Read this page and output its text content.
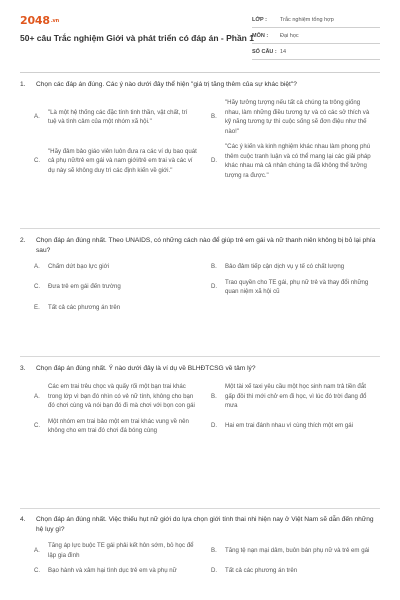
2048.vn
50+ câu Trắc nghiệm Giới và phát triển có đáp án - Phần 1
LỚP :	Trắc nghiệm tổng hợp
MÔN :	Đại học
SỐ CÂU : 14
1.	Chọn các đáp án đúng. Các ý nào dưới đây thể hiện "giá trị tăng thêm của sự khác biệt"?
A.
"Là một hệ thống các đặc tính tinh thần, vật chất, trí tuệ và tình cảm của một nhóm xã hội."
B.
"Hãy tưởng tượng nếu tất cả chúng ta trông giống nhau, làm những điều tương tự và có các sở thích và kỹ năng tương tự thì cuộc sống sẽ đơn điệu như thế nào!"
C.
"Hãy đảm bảo giáo viên luôn đưa ra các ví dụ bao quát cả phụ nữ/trẻ em gái và nam giới/trẻ em trai và các ví dụ này sẽ không duy trì các định kiến về giới."
D.
"Các ý kiến và kinh nghiệm khác nhau làm phong phú thêm cuộc tranh luận và có thể mang lại các giải pháp khác nhau mà cả nhân chúng ta đã không thể tưởng tượng ra được."
2.	Chọn đáp án đúng nhất. Theo UNAIDS, có những cách nào để giúp trẻ em gái và nữ thanh niên không bị bỏ lại phía sau?
A.	Chấm dứt bạo lực giới	B.	Bảo đảm tiếp cận dịch vụ y tế có chất lượng
C.	Đưa trẻ em gái đến trường	D.
Trao quyền cho TE gái, phụ nữ trẻ và thay đổi những quan niệm xã hội cũ
E.	Tất cả các phương án trên
3.	Chọn đáp án đúng nhất. Ý nào dưới đây là ví dụ về BLHĐTCSG về tâm lý?
A.
Các em trai trêu chọc và quấy rối một bạn trai khác trong lớp vì bạn đó nhìn có vẻ nữ tính, không cho bạn đó chơi cùng và nói bạn đó đi mà chơi với bọn con gái
B.
Một tài xế taxi yêu cầu một học sinh nam trả tiền đắt gấp đôi thì mới chở em đi học, vì lúc đó trời đang đổ mưa
C.
Một nhóm em trai bảo một em trai khác vung về nên không cho em trai đó chơi đá bóng cùng
D.	Hai em trai đánh nhau vì cùng thích một em gái
4.	Chọn đáp án đúng nhất. Việc thiếu hụt nữ giới do lựa chọn giới tính thai nhi hiện nay ở Việt Nam sẽ dẫn đến những hệ lụy gì?
A.
Tăng áp lực buộc TE gái phải kết hôn sớm, bỏ học để lập gia đình
B.	Tăng tệ nạn mại dâm, buôn bán phụ nữ và trẻ em gái
C.	Bạo hành và xâm hại tình dục trẻ em và phụ nữ	D.	Tất cả các phương án trên
